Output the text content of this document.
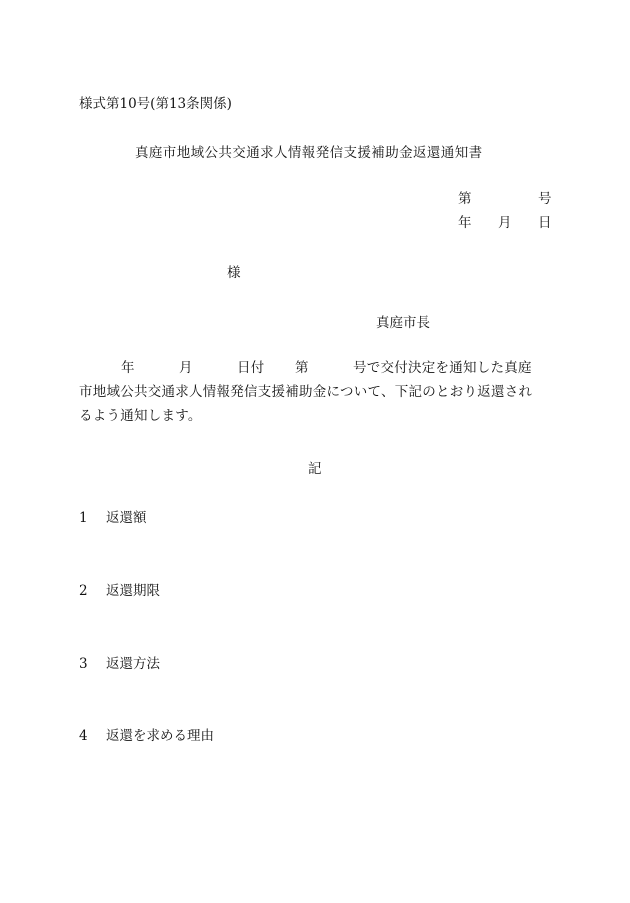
様式第10号(第13条関係)
真庭市地域公共交通求人情報発信支援補助金返還通知書
第	号
年 月 日
様
真庭市長
年	月	日付 第	号で交付決定を通知した真庭
市地域公共交通求人情報発信支援補助金について、下記のとおり返還され
るよう通知します。
記
1 返還額
2 返還期限
3 返還方法
4 返還を求める理由
